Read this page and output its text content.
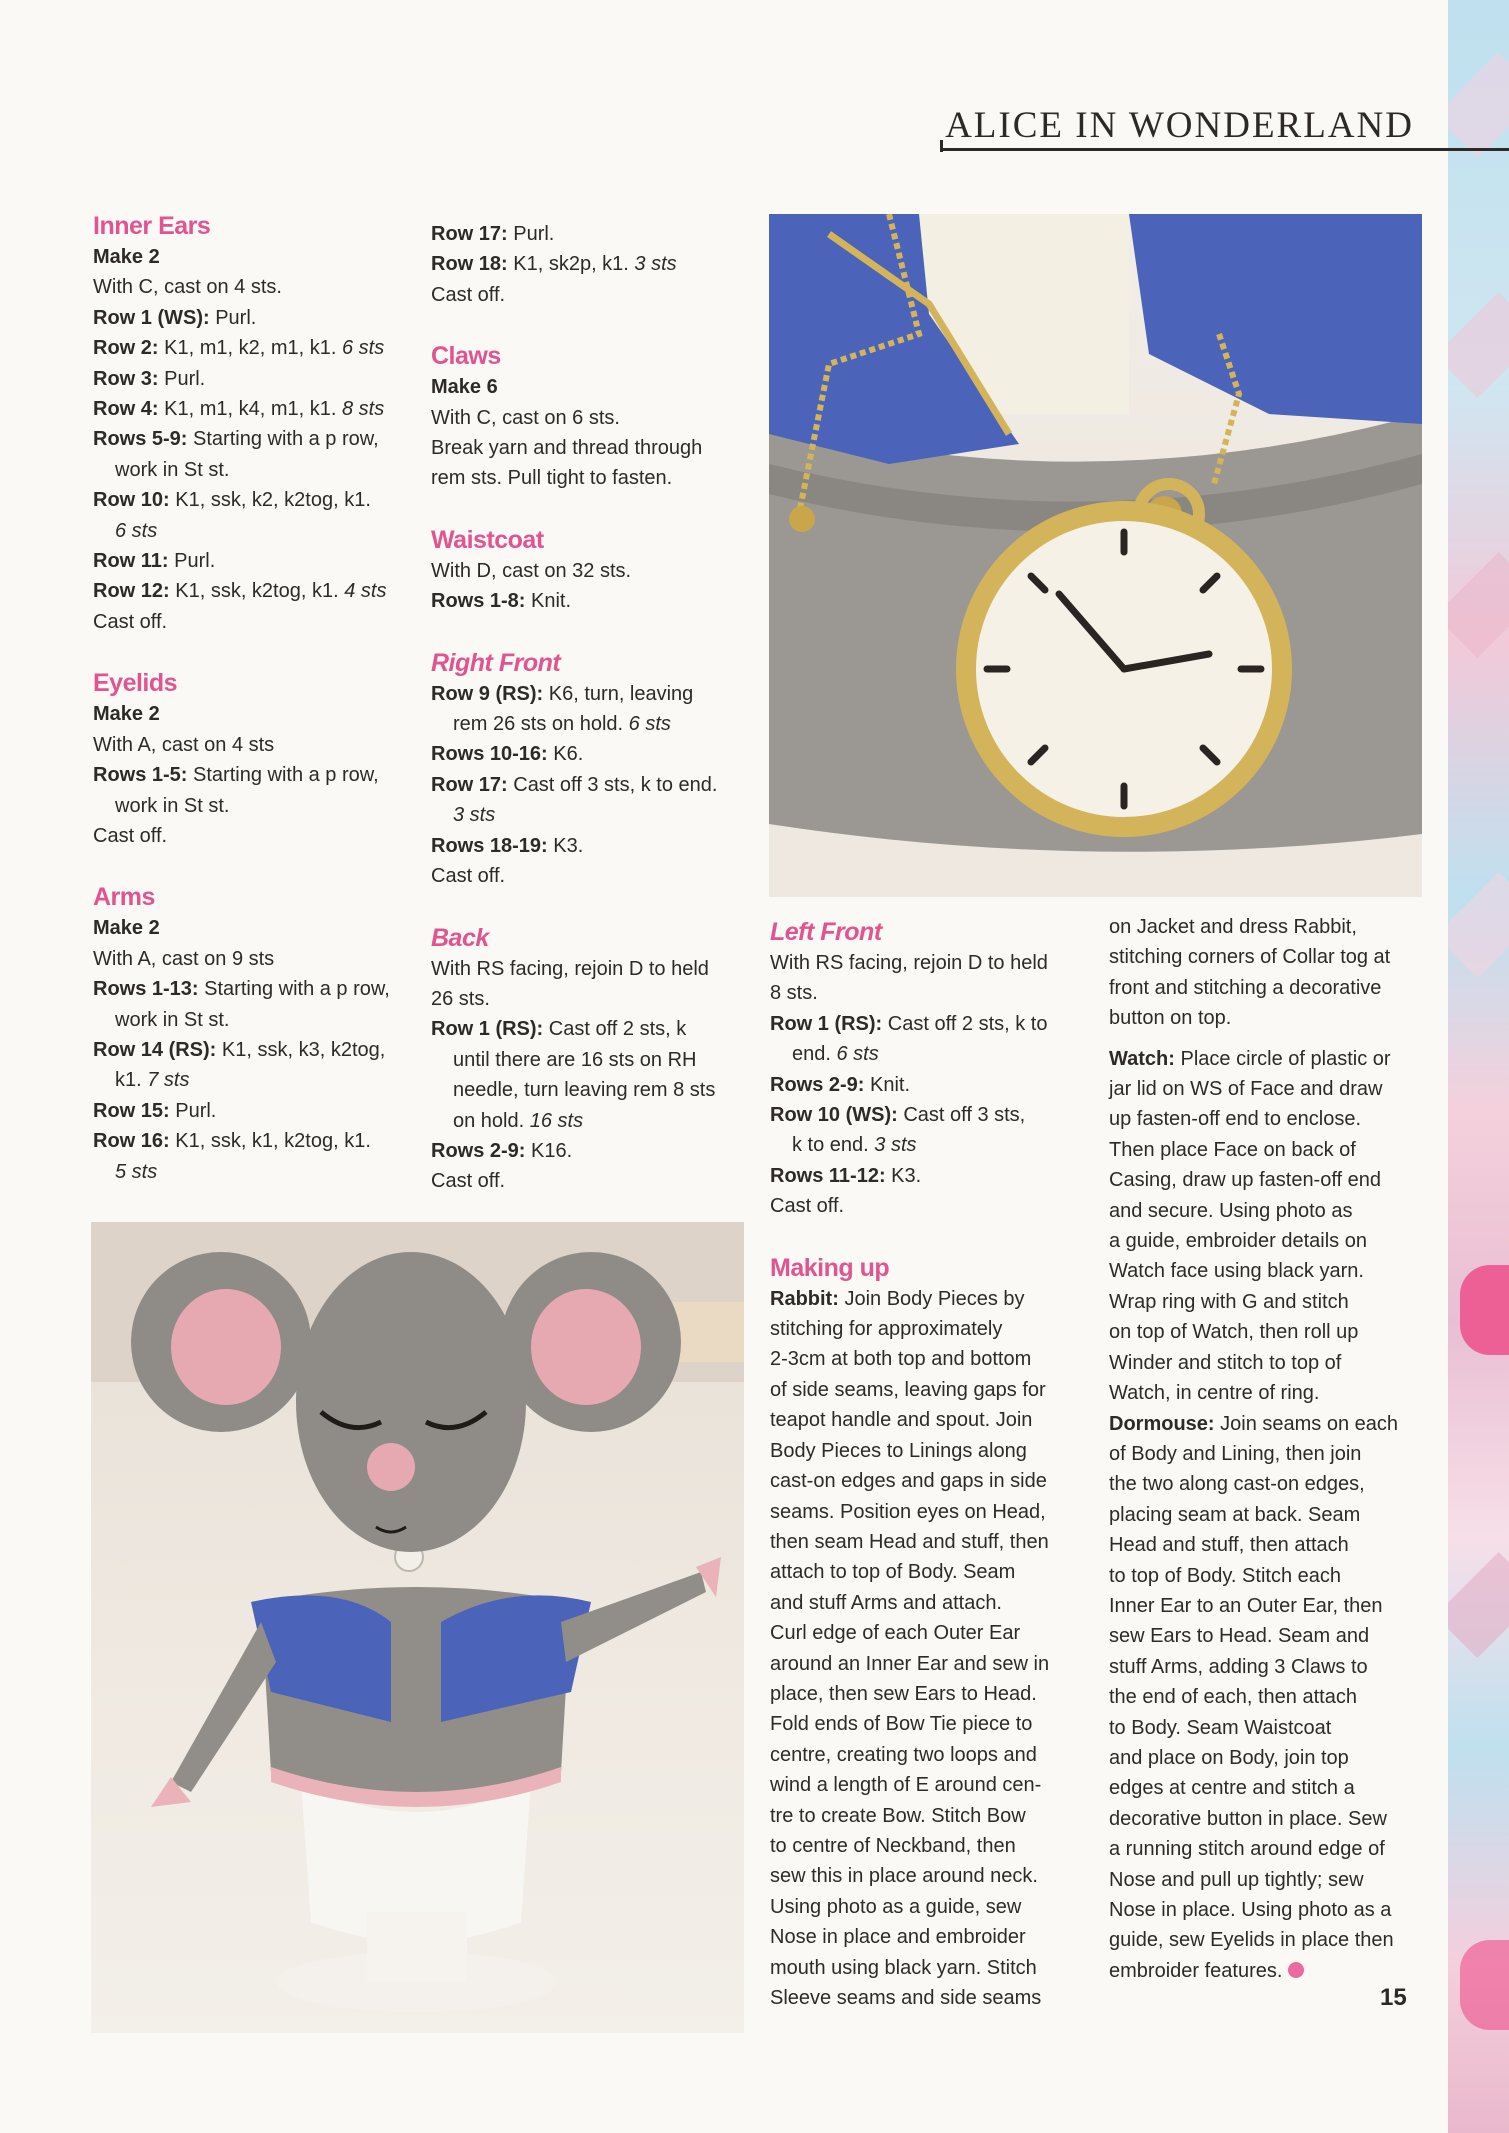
ALICE IN WONDERLAND
Inner Ears

Make 2

With C, cast on 4 sts.

Row 1 (WS): Purl.

Row 2: K1, m1, k2, m1, k1. 6 sts

Row 3: Purl.

Row 4: K1, m1, k4, m1, k1. 8 sts

Rows 5-9: Starting with a p row,

work in St st.

Row 10: K1, ssk, k2, k2tog, k1.

6 sts

Row 11: Purl.

Row 12: K1, ssk, k2tog, k1. 4 sts

Cast off.

Eyelids

Make 2

With A, cast on 4 sts

Rows 1-5: Starting with a p row,

work in St st.

Cast off.

Arms

Make 2

With A, cast on 9 sts

Rows 1-13: Starting with a p row,

work in St st.

Row 14 (RS): K1, ssk, k3, k2tog,

k1. 7 sts

Row 15: Purl.

Row 16: K1, ssk, k1, k2tog, k1.

5 sts

Row 17: Purl.

Row 18: K1, sk2p, k1. 3 sts

Cast off.

Claws

Make 6

With C, cast on 6 sts.

Break yarn and thread through

rem sts. Pull tight to fasten.

Waistcoat

With D, cast on 32 sts.

Rows 1-8: Knit.

Right Front

Row 9 (RS): K6, turn, leaving

rem 26 sts on hold. 6 sts

Rows 10-16: K6.

Row 17: Cast off 3 sts, k to end.

3 sts

Rows 18-19: K3.

Cast off.

Back

With RS facing, rejoin D to held

26 sts.

Row 1 (RS): Cast off 2 sts, k

until there are 16 sts on RH

needle, turn leaving rem 8 sts

on hold. 16 sts

Rows 2-9: K16.

Cast off.

Left Front

With RS facing, rejoin D to held

8 sts.

Row 1 (RS): Cast off 2 sts, k to

end. 6 sts

Rows 2-9: Knit.

Row 10 (WS): Cast off 3 sts,

k to end. 3 sts

Rows 11-12: K3.

Cast off.

Making up

Rabbit: Join Body Pieces by

stitching for approximately

2-3cm at both top and bottom

of side seams, leaving gaps for

teapot handle and spout. Join

Body Pieces to Linings along

cast-on edges and gaps in side

seams. Position eyes on Head,

then seam Head and stuff, then

attach to top of Body. Seam

and stuff Arms and attach.

Curl edge of each Outer Ear

around an Inner Ear and sew in

place, then sew Ears to Head.

Fold ends of Bow Tie piece to

centre, creating two loops and

wind a length of E around cen-

tre to create Bow. Stitch Bow

to centre of Neckband, then

sew this in place around neck.

Using photo as a guide, sew

Nose in place and embroider

mouth using black yarn. Stitch

Sleeve seams and side seams

on Jacket and dress Rabbit,

stitching corners of Collar tog at

front and stitching a decorative

button on top.

Watch: Place circle of plastic or

jar lid on WS of Face and draw

up fasten-off end to enclose.

Then place Face on back of

Casing, draw up fasten-off end

and secure. Using photo as

a guide, embroider details on

Watch face using black yarn.

Wrap ring with G and stitch

on top of Watch, then roll up

Winder and stitch to top of

Watch, in centre of ring.

Dormouse: Join seams on each

of Body and Lining, then join

the two along cast-on edges,

placing seam at back. Seam

Head and stuff, then attach

to top of Body. Stitch each

Inner Ear to an Outer Ear, then

sew Ears to Head. Seam and

stuff Arms, adding 3 Claws to

the end of each, then attach

to Body. Seam Waistcoat

and place on Body, join top

edges at centre and stitch a

decorative button in place. Sew

a running stitch around edge of

Nose and pull up tightly; sew

Nose in place. Using photo as a

guide, sew Eyelids in place then

embroider features.

15
